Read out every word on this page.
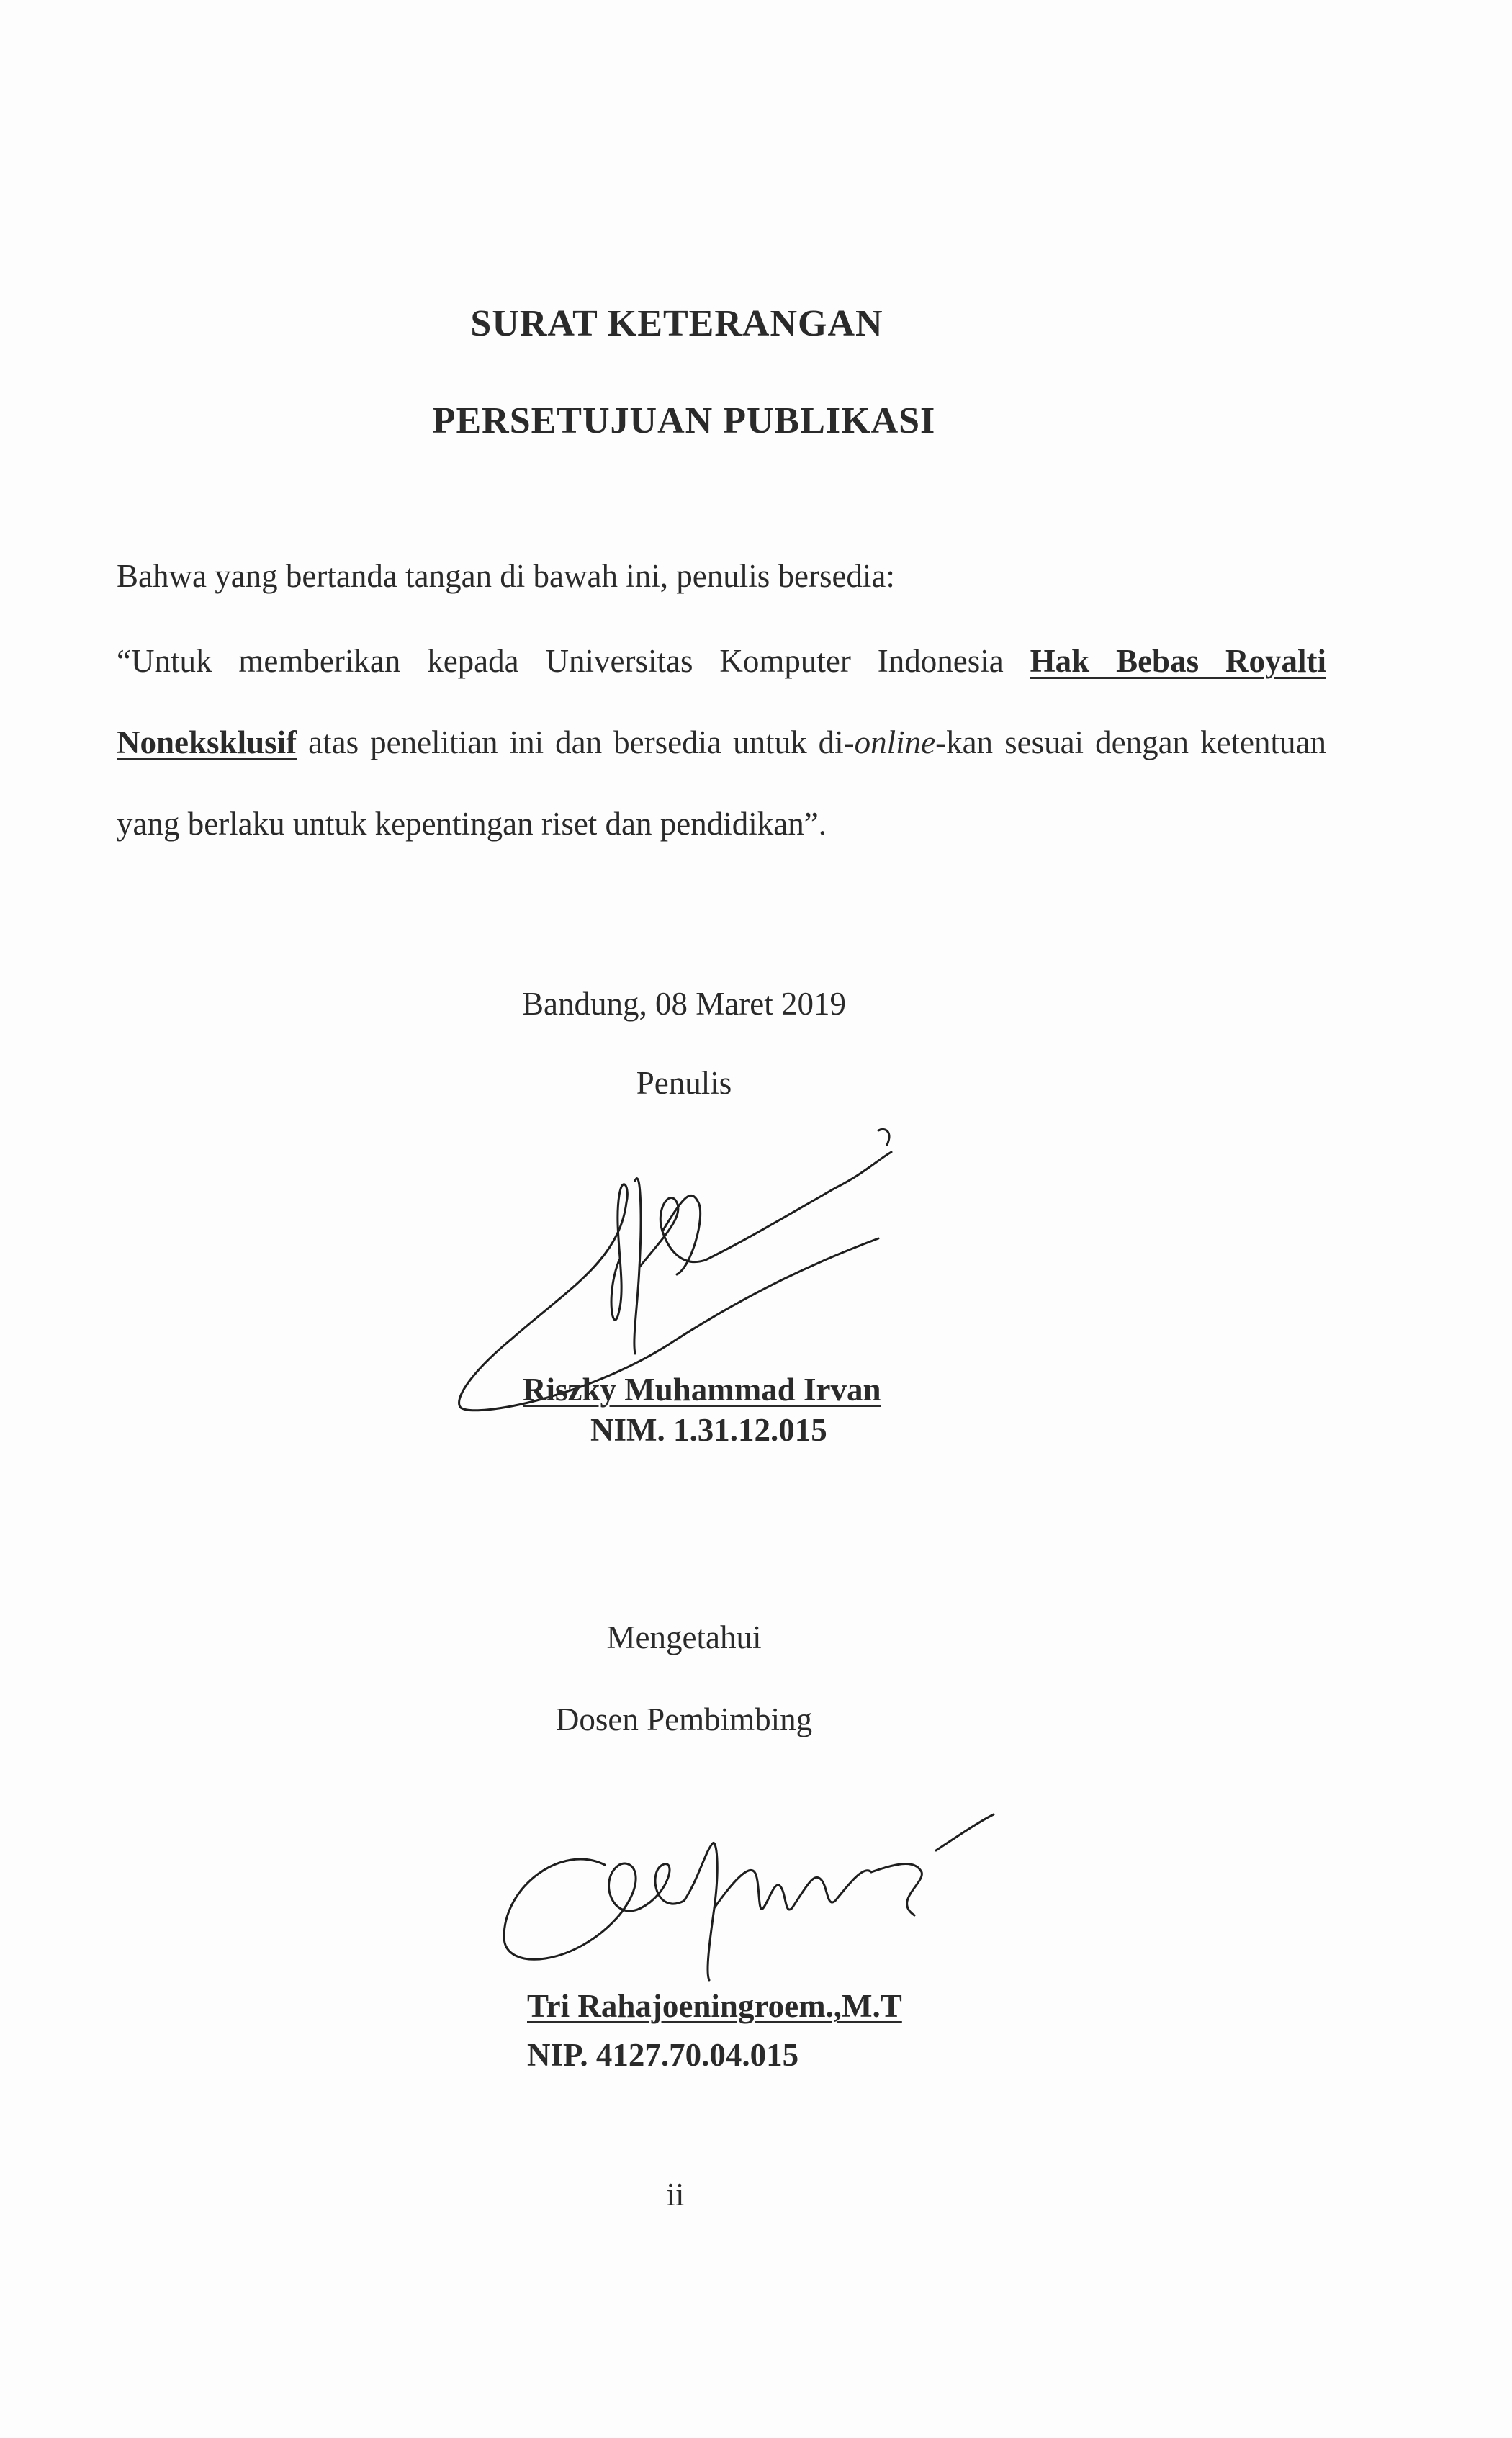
SURAT KETERANGAN
PERSETUJUAN PUBLIKASI
Bahwa yang bertanda tangan di bawah ini, penulis bersedia:
“Untuk memberikan kepada Universitas Komputer Indonesia Hak Bebas Royalti Noneksklusif atas penelitian ini dan bersedia untuk di-online-kan sesuai dengan ketentuan yang berlaku untuk kepentingan riset dan pendidikan”.
Bandung, 08 Maret 2019
Penulis
Riszky Muhammad Irvan
NIM. 1.31.12.015
Mengetahui
Dosen Pembimbing
Tri Rahajoeningroem.,M.T
NIP. 4127.70.04.015
ii
